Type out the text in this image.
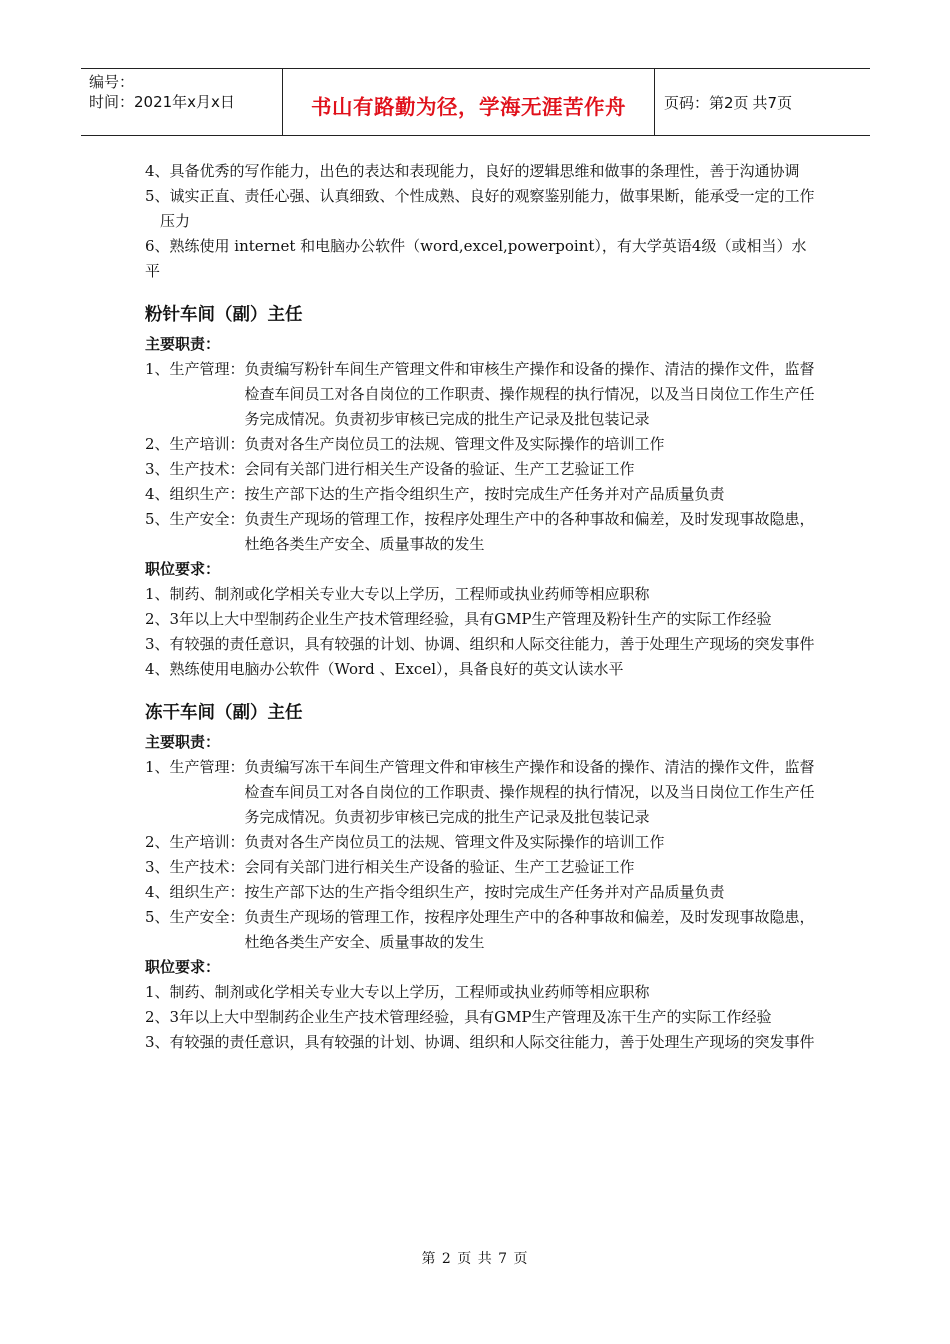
编号：
时间：2021年x月x日	书山有路勤为径，学海无涯苦作舟	页码：第2页 共7页

4、具备优秀的写作能力，出色的表达和表现能力，良好的逻辑思维和做事的条理性，善于沟通协调

5、诚实正直、责任心强、认真细致、个性成熟、良好的观察鉴别能力，做事果断，能承受一定的工作压力

6、熟练使用 internet 和电脑办公软件（word,excel,powerpoint），有大学英语4级（或相当）水平

粉针车间（副）主任
主要职责：
1、生产管理： 负责编写粉针车间生产管理文件和审核生产操作和设备的操作、清洁的操作文件，监督检查车间员工对各自岗位的工作职责、操作规程的执行情况，以及当日岗位工作生产任务完成情况。负责初步审核已完成的批生产记录及批包装记录
2、生产培训： 负责对各生产岗位员工的法规、管理文件及实际操作的培训工作
3、生产技术： 会同有关部门进行相关生产设备的验证、生产工艺验证工作
4、组织生产： 按生产部下达的生产指令组织生产，按时完成生产任务并对产品质量负责
5、生产安全： 负责生产现场的管理工作，按程序处理生产中的各种事故和偏差，及时发现事故隐患，杜绝各类生产安全、质量事故的发生
职位要求：

1、制药、制剂或化学相关专业大专以上学历，工程师或执业药师等相应职称

2、3年以上大中型制药企业生产技术管理经验，具有GMP生产管理及粉针生产的实际工作经验

3、有较强的责任意识，具有较强的计划、协调、组织和人际交往能力，善于处理生产现场的突发事件

4、熟练使用电脑办公软件（Word 、Excel），具备良好的英文认读水平

冻干车间（副）主任
主要职责：
1、生产管理： 负责编写冻干车间生产管理文件和审核生产操作和设备的操作、清洁的操作文件，监督检查车间员工对各自岗位的工作职责、操作规程的执行情况，以及当日岗位工作生产任务完成情况。负责初步审核已完成的批生产记录及批包装记录
2、生产培训： 负责对各生产岗位员工的法规、管理文件及实际操作的培训工作
3、生产技术： 会同有关部门进行相关生产设备的验证、生产工艺验证工作
4、组织生产： 按生产部下达的生产指令组织生产，按时完成生产任务并对产品质量负责
5、生产安全： 负责生产现场的管理工作，按程序处理生产中的各种事故和偏差，及时发现事故隐患，杜绝各类生产安全、质量事故的发生
职位要求：

1、制药、制剂或化学相关专业大专以上学历，工程师或执业药师等相应职称

2、3年以上大中型制药企业生产技术管理经验，具有GMP生产管理及冻干生产的实际工作经验

3、有较强的责任意识，具有较强的计划、协调、组织和人际交往能力，善于处理生产现场的突发事件

第 2 页 共 7 页
